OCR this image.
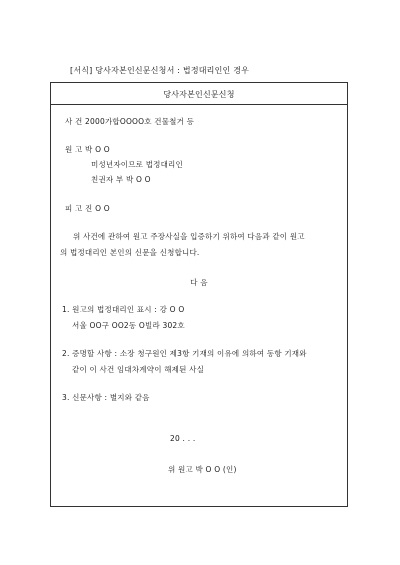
[서식] 당사자본인신문신청서 : 법정대리인인 경우
당사자본인신문신청
사 건 2000가합OOOO호 건물철거 등
원 고 박 O O
미성년자이므로 법정대리인
친권자 부 박 O O
피 고 진 O O
위 사건에 관하여 원고 주장사실을 입증하기 위하여 다음과 같이 원고
의 법정대리인 본인의 신문을 신청합니다.
다 음
1. 원고의 법정대리인 표시 : 강 O O
서울 OO구 OO2동 O빌라 302호
2. 증명할 사항 : 소장 청구원인 제3항 기재의 이유에 의하여 동항 기재와
같이 이 사건 임대차계약이 해제된 사실
3. 신문사항 : 별지와 같음
20 . . .
위 원고 박 O O (인)
